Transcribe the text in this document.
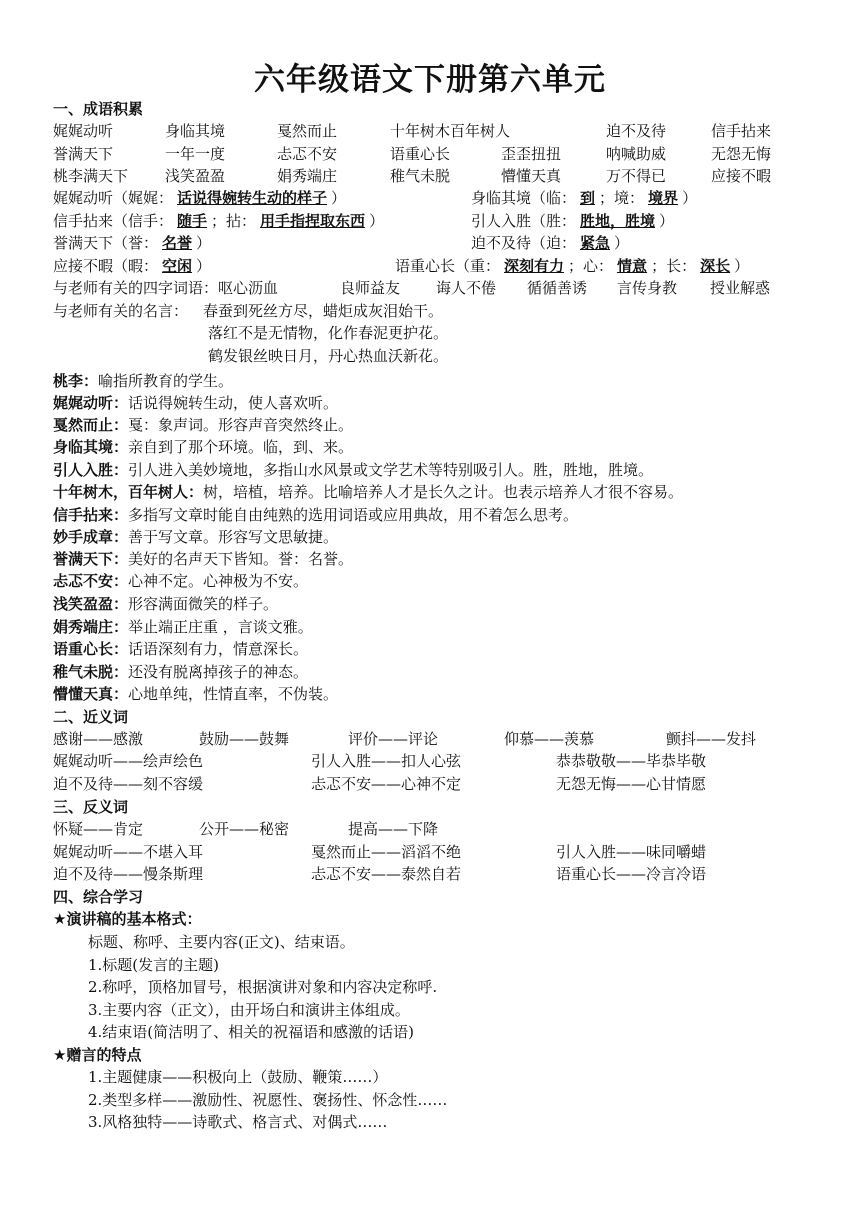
六年级语文下册第六单元
一、成语积累
娓娓动听	身临其境	戛然而止	十年树木百年树人	迫不及待	信手拈来
誉满天下	一年一度	忐忑不安	语重心长	歪歪扭扭	呐喊助威	无怨无悔
桃李满天下 浅笑盈盈	娟秀端庄	稚气未脱	懵懂天真	万不得已	应接不暇
娓娓动听（娓娓： 话说得婉转生动的样子 ）	身临其境（临： 到 ；境： 境界 ）
信手拈来（信手： 随手 ；拈： 用手指捏取东西 ）	引人入胜（胜： 胜地，胜境 ）
誉满天下（誉： 名誉 ）	迫不及待（迫： 紧急 ）
应接不暇（暇： 空闲 ）	语重心长（重： 深刻有力 ；心： 情意 ；长： 深长 ）
与老师有关的四字词语： 呕心沥血	良师益友 诲人不倦 循循善诱 言传身教 授业解惑
与老师有关的名言： 春蚕到死丝方尽，蜡炬成灰泪始干。
落红不是无情物，化作春泥更护花。
鹤发银丝映日月，丹心热血沃新花。
桃李：喻指所教育的学生。
娓娓动听：话说得婉转生动，使人喜欢听。
戛然而止：戛：象声词。形容声音突然终止。
身临其境：亲自到了那个环境。临，到、来。
引人入胜：引人进入美妙境地，多指山水风景或文学艺术等特别吸引人。胜，胜地，胜境。
十年树木，百年树人：树，培植，培养。比喻培养人才是长久之计。也表示培养人才很不容易。
信手拈来：多指写文章时能自由纯熟的选用词语或应用典故，用不着怎么思考。
妙手成章：善于写文章。形容写文思敏捷。
誉满天下：美好的名声天下皆知。誉：名誉。
忐忑不安：心神不定。心神极为不安。
浅笑盈盈：形容满面微笑的样子。
娟秀端庄：举止端正庄重 ，言谈文雅。
语重心长：话语深刻有力，情意深长。
稚气未脱：还没有脱离掉孩子的神态。
懵懂天真：心地单纯，性情直率，不伪装。
二、近义词
感谢——感激	鼓励——鼓舞	评价——评论	仰慕——羡慕	颤抖——发抖
娓娓动听——绘声绘色	引人入胜——扣人心弦	恭恭敬敬——毕恭毕敬
迫不及待——刻不容缓	忐忑不安——心神不定	无怨无悔——心甘情愿
三、反义词
怀疑——肯定	公开——秘密	提高——下降
娓娓动听——不堪入耳	戛然而止——滔滔不绝	引人入胜——味同嚼蜡
迫不及待——慢条斯理	忐忑不安——泰然自若	语重心长——冷言冷语
四、综合学习
★演讲稿的基本格式：
标题、称呼、主要内容(正文)、结束语。
1.标题(发言的主题)
2.称呼，顶格加冒号，根据演讲对象和内容决定称呼.
3.主要内容（正文），由开场白和演讲主体组成。
4.结束语(简洁明了、相关的祝福语和感激的话语)
★赠言的特点
1.主题健康——积极向上（鼓励、鞭策……）
2.类型多样——激励性、祝愿性、褒扬性、怀念性……
3.风格独特——诗歌式、格言式、对偶式……
